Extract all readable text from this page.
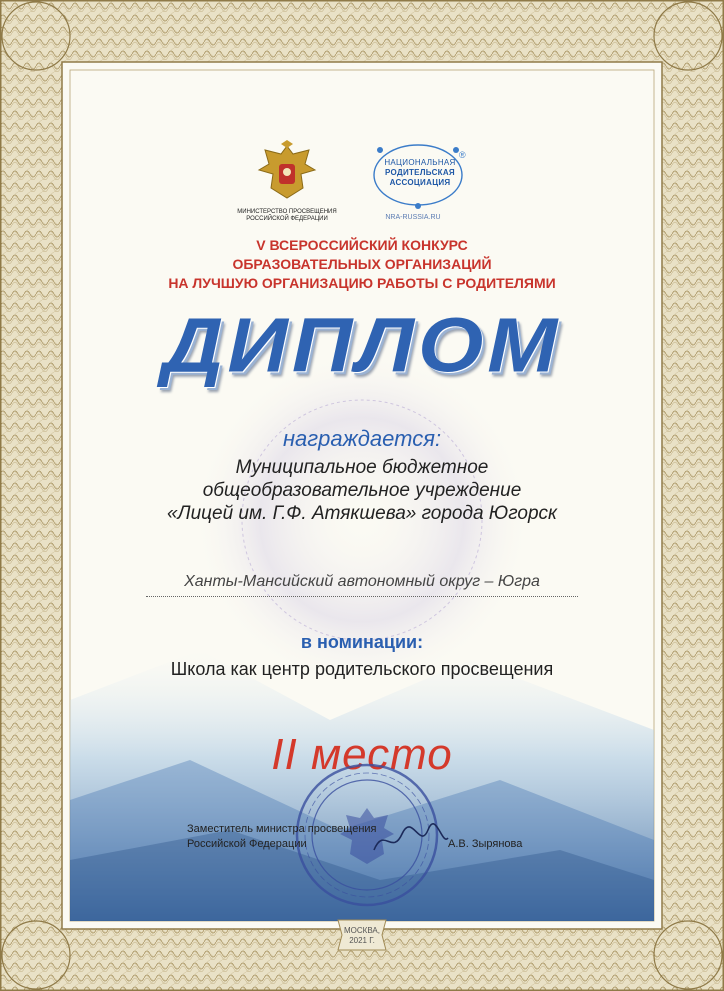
МИНИСТЕРСТВО ПРОСВЕЩЕНИЯ РОССИЙСКОЙ ФЕДЕРАЦИИ
НАЦИОНАЛЬНАЯ
РОДИТЕЛЬСКАЯ
АССОЦИАЦИЯ
®
NRA-RUSSIA.RU
V ВСЕРОССИЙСКИЙ КОНКУРС
ОБРАЗОВАТЕЛЬНЫХ ОРГАНИЗАЦИЙ
НА ЛУЧШУЮ ОРГАНИЗАЦИЮ РАБОТЫ С РОДИТЕЛЯМИ
ДИПЛОМ
награждается:
Муниципальное бюджетное
общеобразовательное учреждение
«Лицей им. Г.Ф. Атякшева» города Югорск
Ханты-Мансийский автономный округ – Югра
в номинации:
Школа как центр родительского просвещения
II место
Заместитель министра просвещения
Российской Федерации	А.В. Зырянова
МОСКВА,
2021 Г.
